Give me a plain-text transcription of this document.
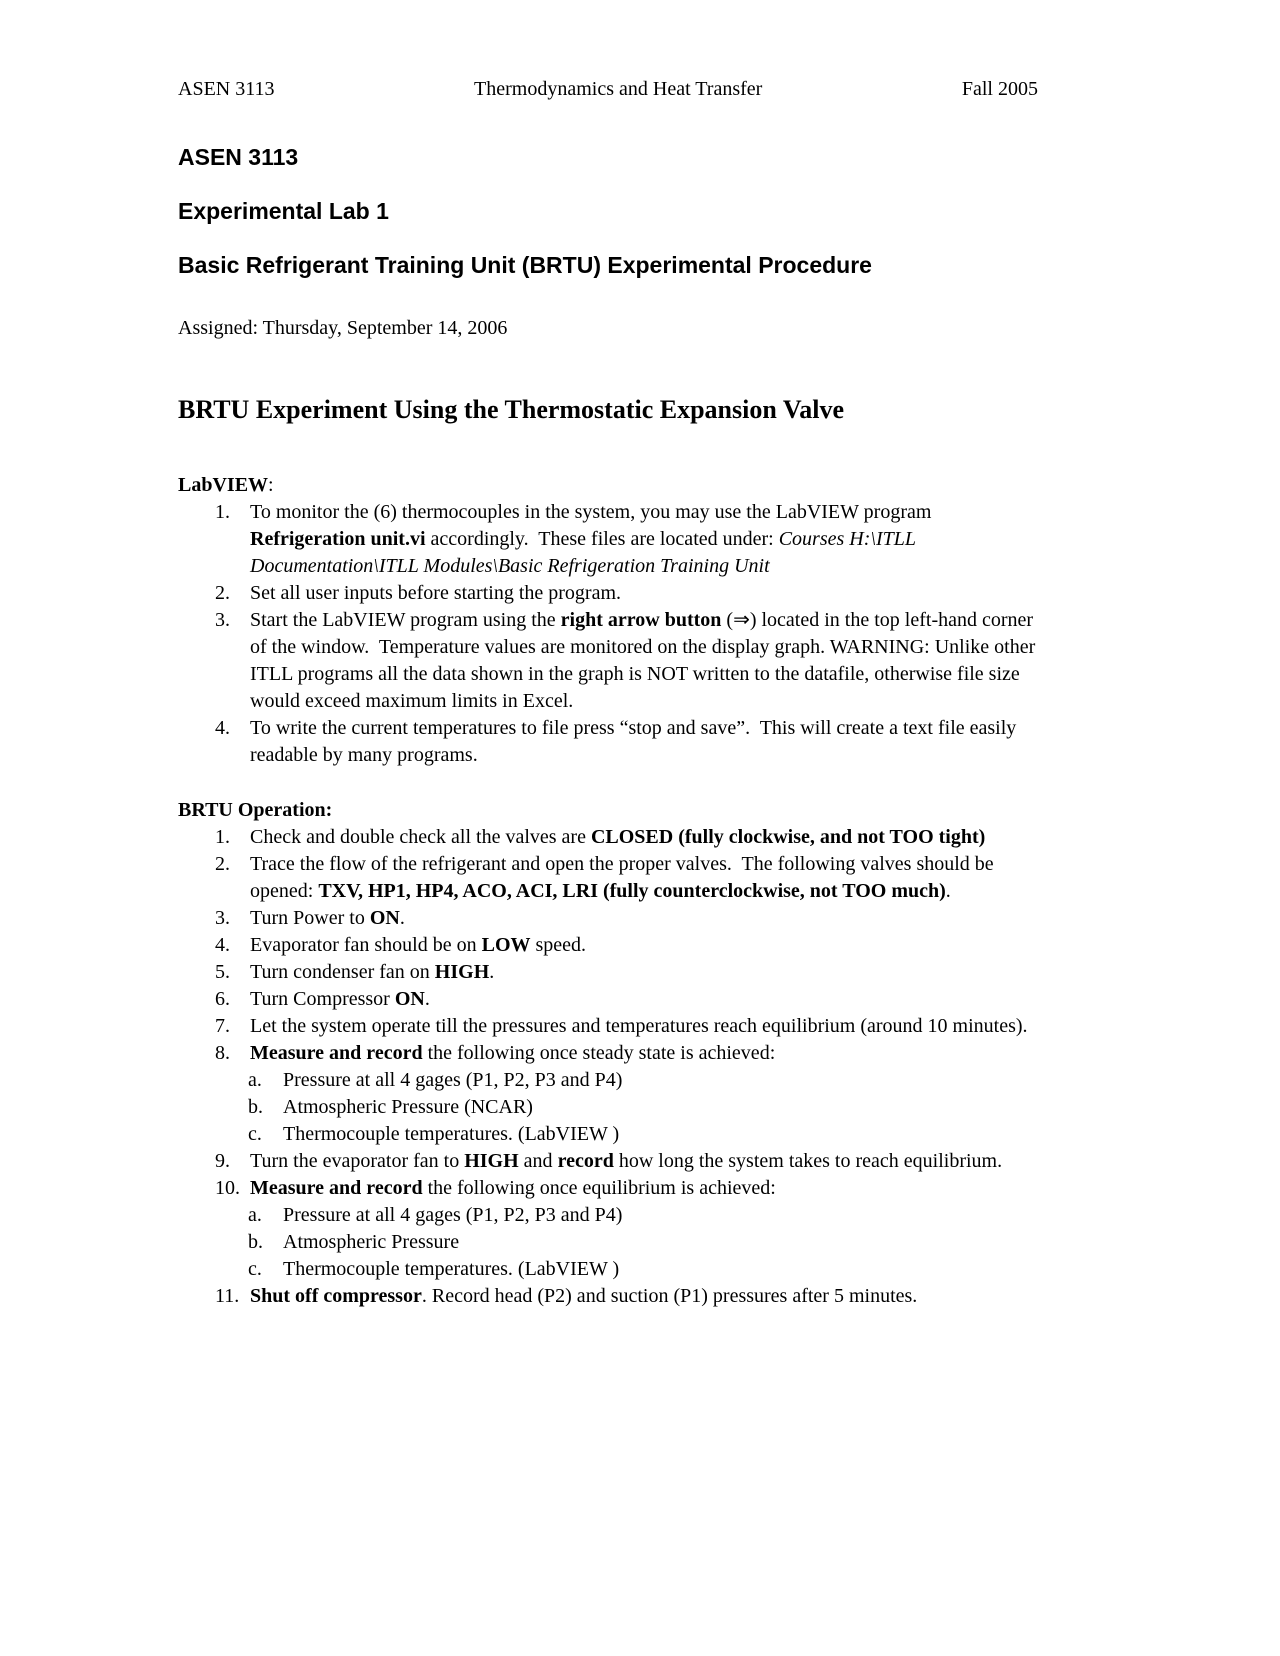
ASEN 3113	Thermodynamics and Heat Transfer	Fall 2005
ASEN 3113
Experimental Lab 1
Basic Refrigerant Training Unit (BRTU) Experimental Procedure

Assigned: Thursday, September 14, 2006

BRTU Experiment Using the Thermostatic Expansion Valve
LabVIEW:
1.	To monitor the (6) thermocouples in the system, you may use the LabVIEW program Refrigeration unit.vi accordingly.  These files are located under: Courses H:\ITLL Documentation\ITLL Modules\Basic Refrigeration Training Unit
2.	Set all user inputs before starting the program.
3.	Start the LabVIEW program using the right arrow button (⇒) located in the top left-hand corner of the window.  Temperature values are monitored on the display graph. WARNING: Unlike other ITLL programs all the data shown in the graph is NOT written to the datafile, otherwise file size would exceed maximum limits in Excel.
4.	To write the current temperatures to file press “stop and save”.  This will create a text file easily readable by many programs.
BRTU Operation:
1.	Check and double check all the valves are CLOSED (fully clockwise, and not TOO tight)
2.	Trace the flow of the refrigerant and open the proper valves.  The following valves should be opened: TXV, HP1, HP4, ACO, ACI, LRI (fully counterclockwise, not TOO much).
3.	Turn Power to ON.
4.	Evaporator fan should be on LOW speed.
5.	Turn condenser fan on HIGH.
6.	Turn Compressor ON.
7.	Let the system operate till the pressures and temperatures reach equilibrium (around 10 minutes).
8.	Measure and record the following once steady state is achieved:
a.	Pressure at all 4 gages (P1, P2, P3 and P4)
b.	Atmospheric Pressure (NCAR)
c.	Thermocouple temperatures. (LabVIEW )
9.	Turn the evaporator fan to HIGH and record how long the system takes to reach equilibrium.
10. Measure and record the following once equilibrium is achieved:
a.	Pressure at all 4 gages (P1, P2, P3 and P4)
b.	Atmospheric Pressure
c.	Thermocouple temperatures. (LabVIEW )
11. Shut off compressor. Record head (P2) and suction (P1) pressures after 5 minutes.
